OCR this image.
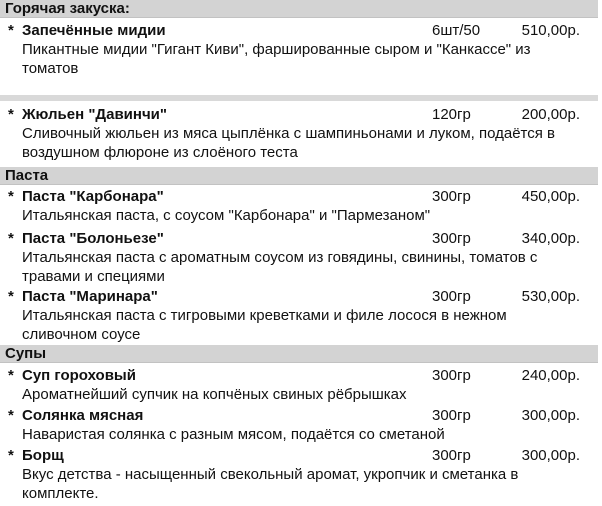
Горячая закуска:
* Запечённые мидии	6шт/50	510,00р.
Пикантные мидии "Гигант Киви", фаршированные сыром и "Канкассе" из томатов
* Жюльен "Давинчи"	120гр	200,00р.
Сливочный жюльен из мяса цыплёнка с шампиньонами и луком, подаётся в воздушном флюроне из слоёного теста
Паста
* Паста "Карбонара"	300гр	450,00р.
Итальянская паста, с соусом "Карбонара" и "Пармезаном"
* Паста "Болоньезе"	300гр	340,00р.
Итальянская паста с ароматным соусом из говядины, свинины, томатов с травами и специями
* Паста "Маринара"	300гр	530,00р.
Итальянская паста с тигровыми креветками и филе лосося в нежном сливочном соусе
Супы
* Суп гороховый	300гр	240,00р.
Ароматнейший супчик на копчёных свиных рёбрышках
* Солянка мясная	300гр	300,00р.
Наваристая солянка с разным мясом, подаётся со сметаной
* Борщ	300гр	300,00р.
Вкус детства - насыщенный свекольный аромат, укропчик и сметанка в комплекте.
